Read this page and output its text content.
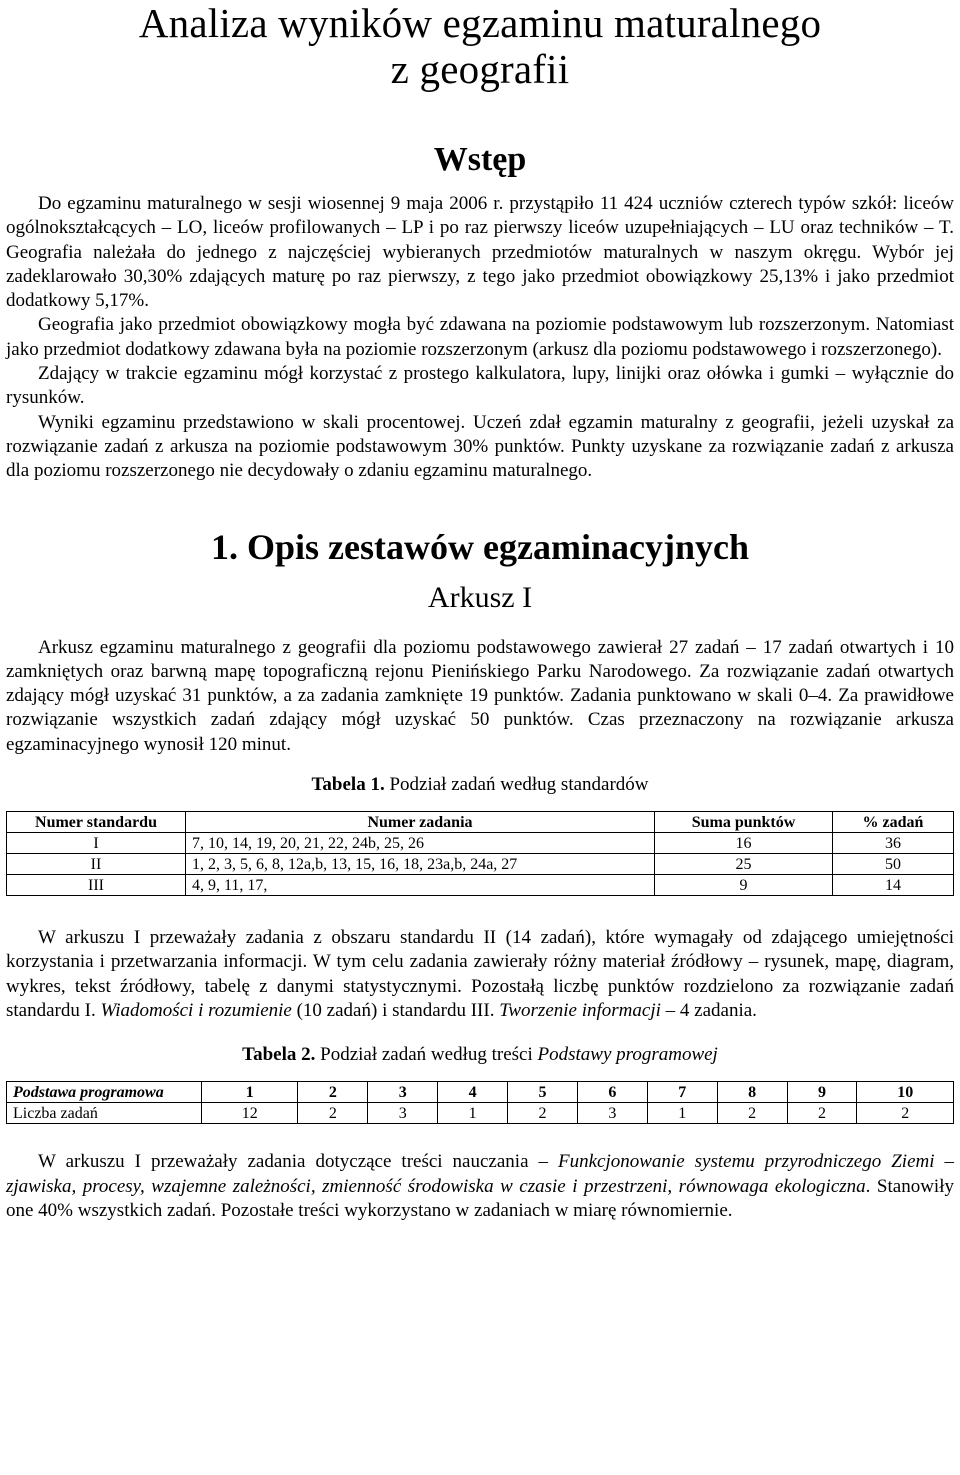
Analiza wyników egzaminu maturalnego
z geografii
Wstęp

Do egzaminu maturalnego w sesji wiosennej 9 maja 2006 r. przystąpiło 11 424 uczniów czterech typów szkół: liceów ogólnokształcących – LO, liceów profilowanych – LP i po raz pierwszy liceów uzupełniających – LU oraz techników – T. Geografia należała do jednego z najczęściej wybieranych przedmiotów maturalnych w naszym okręgu. Wybór jej zadeklarowało 30,30% zdających maturę po raz pierwszy, z tego jako przedmiot obowiązkowy 25,13% i jako przedmiot dodatkowy 5,17%.

Geografia jako przedmiot obowiązkowy mogła być zdawana na poziomie podstawowym lub rozszerzonym. Natomiast jako przedmiot dodatkowy zdawana była na poziomie rozszerzonym (arkusz dla poziomu podstawowego i rozszerzonego).

Zdający w trakcie egzaminu mógł korzystać z prostego kalkulatora, lupy, linijki oraz ołówka i gumki – wyłącznie do rysunków.

Wyniki egzaminu przedstawiono w skali procentowej. Uczeń zdał egzamin maturalny z geografii, jeżeli uzyskał za rozwiązanie zadań z arkusza na poziomie podstawowym 30% punktów. Punkty uzyskane za rozwiązanie zadań z arkusza dla poziomu rozszerzonego nie decydowały o zdaniu egzaminu maturalnego.

1. Opis zestawów egzaminacyjnych
Arkusz I

Arkusz egzaminu maturalnego z geografii dla poziomu podstawowego zawierał 27 zadań – 17 zadań otwartych i 10 zamkniętych oraz barwną mapę topograficzną rejonu Pienińskiego Parku Narodowego. Za rozwiązanie zadań otwartych zdający mógł uzyskać 31 punktów, a za zadania zamknięte 19 punktów. Zadania punktowano w skali 0–4. Za prawidłowe rozwiązanie wszystkich zadań zdający mógł uzyskać 50 punktów. Czas przeznaczony na rozwiązanie arkusza egzaminacyjnego wynosił 120 minut.

Tabela 1. Podział zadań według standardów
Numer standardu	Numer zadania	Suma punktów	% zadań
I	7, 10, 14, 19, 20, 21, 22, 24b, 25, 26	16	36
II	1, 2, 3, 5, 6, 8, 12a,b, 13, 15, 16, 18, 23a,b, 24a, 27	25	50
III	4, 9, 11, 17,	9	14

W arkuszu I przeważały zadania z obszaru standardu II (14 zadań), które wymagały od zdającego umiejętności korzystania i przetwarzania informacji. W tym celu zadania zawierały różny materiał źródłowy – rysunek, mapę, diagram, wykres, tekst źródłowy, tabelę z danymi statystycznymi. Pozostałą liczbę punktów rozdzielono za rozwiązanie zadań standardu I. Wiadomości i rozumienie (10 zadań) i standardu III. Tworzenie informacji – 4 zadania.

Tabela 2. Podział zadań według treści Podstawy programowej
Podstawa programowa	1	2	3	4	5	6	7	8	9	10
Liczba zadań	12	2	3	1	2	3	1	2	2	2

W arkuszu I przeważały zadania dotyczące treści nauczania – Funkcjonowanie systemu przyrodniczego Ziemi – zjawiska, procesy, wzajemne zależności, zmienność środowiska w czasie i przestrzeni, równowaga ekologiczna. Stanowiły one 40% wszystkich zadań. Pozostałe treści wykorzystano w zadaniach w miarę równomiernie.
